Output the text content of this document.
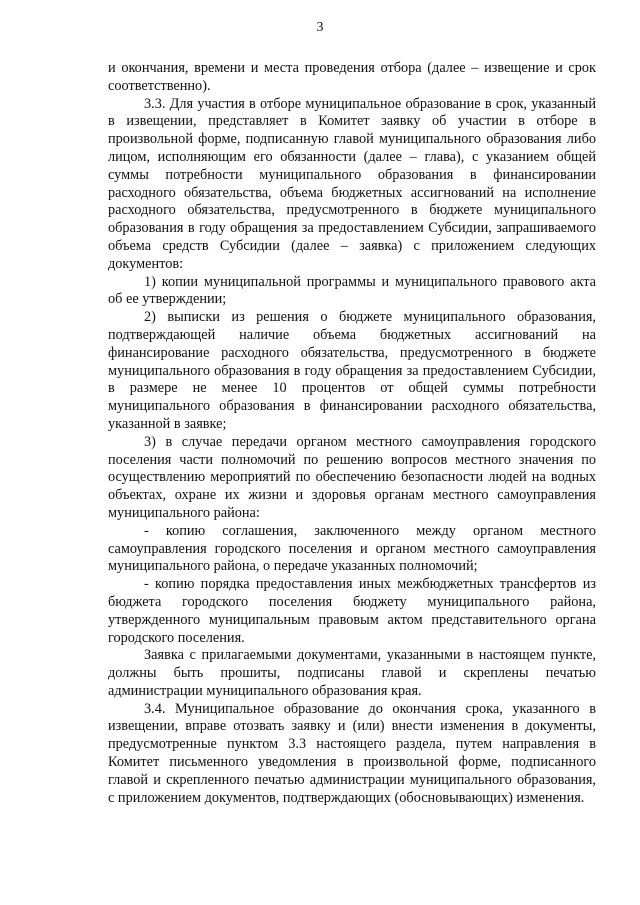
3

и окончания, времени и места проведения отбора (далее – извещение и срок соответственно).

3.3. Для участия в отборе муниципальное образование в срок, указанный в извещении, представляет в Комитет заявку об участии в отборе в произвольной форме, подписанную главой муниципального образования либо лицом, исполняющим его обязанности (далее – глава), с указанием общей суммы потребности муниципального образования в финансировании расходного обязательства, объема бюджетных ассигнований на исполнение расходного обязательства, предусмотренного в бюджете муниципального образования в году обращения за предоставлением Субсидии, запрашиваемого объема средств Субсидии (далее – заявка) с приложением следующих документов:

1) копии муниципальной программы и муниципального правового акта об ее утверждении;

2) выписки из решения о бюджете муниципального образования, подтверждающей наличие объема бюджетных ассигнований на финансирование расходного обязательства, предусмотренного в бюджете муниципального образования в году обращения за предоставлением Субсидии, в размере не менее 10 процентов от общей суммы потребности муниципального образования в финансировании расходного обязательства, указанной в заявке;

3) в случае передачи органом местного самоуправления городского поселения части полномочий по решению вопросов местного значения по осуществлению мероприятий по обеспечению безопасности людей на водных объектах, охране их жизни и здоровья органам местного самоуправления муниципального района:

- копию соглашения, заключенного между органом местного самоуправления городского поселения и органом местного самоуправления муниципального района, о передаче указанных полномочий;

- копию порядка предоставления иных межбюджетных трансфертов из бюджета городского поселения бюджету муниципального района, утвержденного муниципальным правовым актом представительного органа городского поселения.

Заявка с прилагаемыми документами, указанными в настоящем пункте, должны быть прошиты, подписаны главой и скреплены печатью администрации муниципального образования края.

3.4. Муниципальное образование до окончания срока, указанного в извещении, вправе отозвать заявку и (или) внести изменения в документы, предусмотренные пунктом 3.3 настоящего раздела, путем направления в Комитет письменного уведомления в произвольной форме, подписанного главой и скрепленного печатью администрации муниципального образования, с приложением документов, подтверждающих (обосновывающих) изменения.
